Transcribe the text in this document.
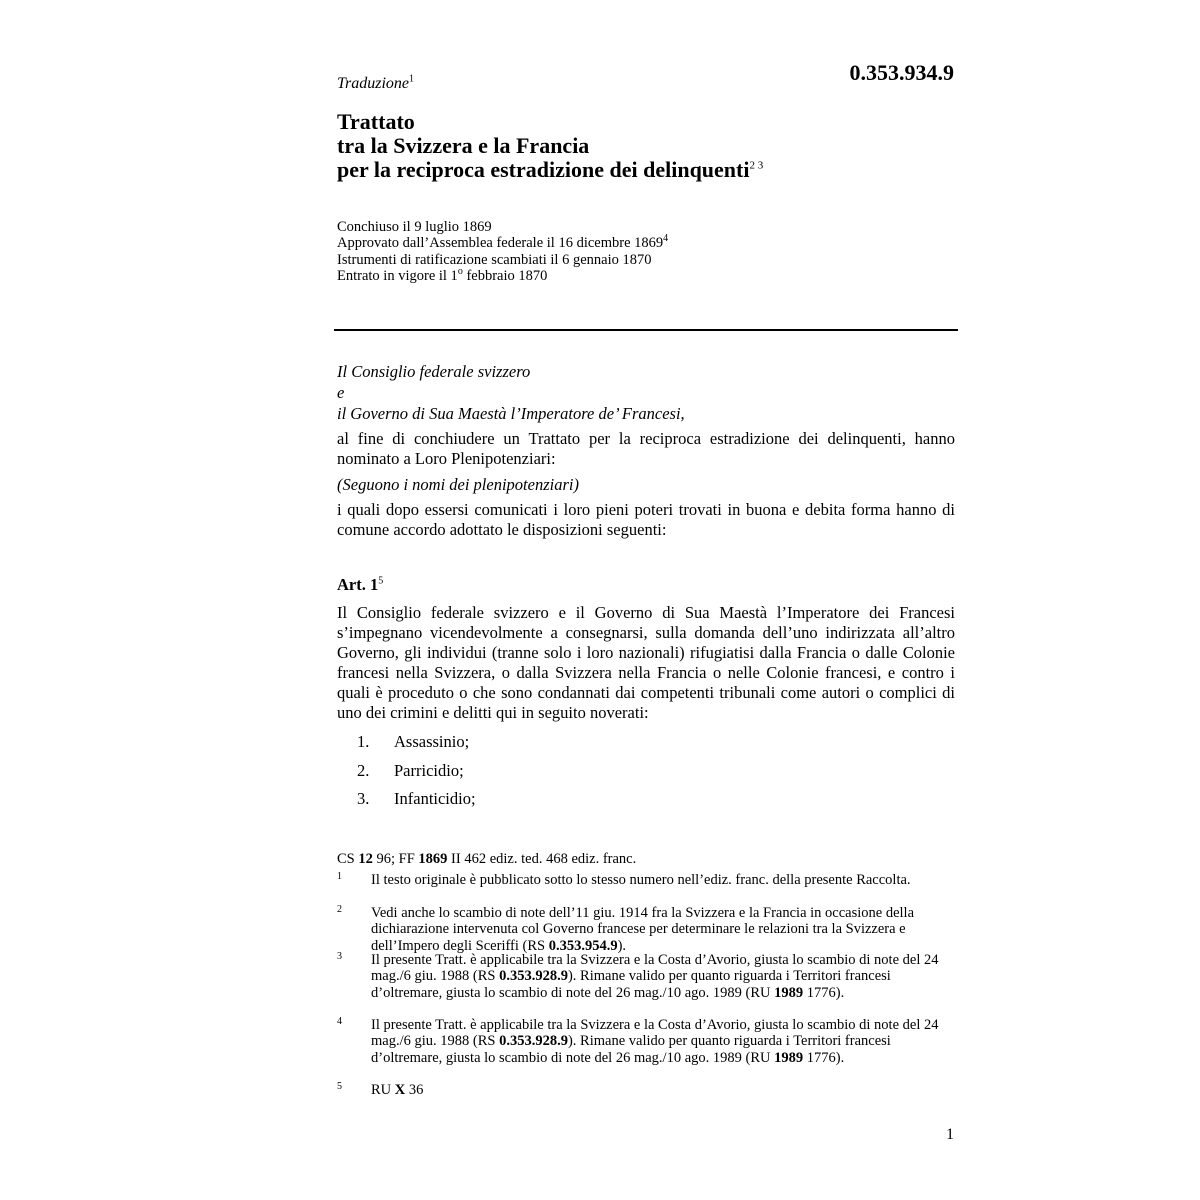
0.353.934.9
Traduzione$^1$
Trattato
tra la Svizzera e la Francia
per la reciproca estradizione dei delinquenti$^{2 3}$
Conchiuso il 9 luglio 1869
Approvato dall’Assemblea federale il 16 dicembre 1869$^4$
Istrumenti di ratificazione scambiati il 6 gennaio 1870
Entrato in vigore il 1$^o$ febbraio 1870
Il Consiglio federale svizzero
e
il Governo di Sua Maestà l’Imperatore de’ Francesi,

al fine di conchiudere un Trattato per la reciproca estradizione dei delinquenti, hanno nominato a Loro Plenipotenziari:

(Seguono i nomi dei plenipotenziari)

i quali dopo essersi comunicati i loro pieni poteri trovati in buona e debita forma hanno di comune accordo adottato le disposizioni seguenti:

Art. $1^5$
Il Consiglio federale svizzero e il Governo di Sua Maestà l’Imperatore dei Francesi s’impegnano vicendevolmente a consegnarsi, sulla domanda dell’uno indirizzata all’altro Governo, gli individui (tranne solo i loro nazionali) rifugiatisi dalla Francia o dalle Colonie francesi nella Svizzera, o dalla Svizzera nella Francia o nelle Colonie francesi, e contro i quali è proceduto o che sono condannati dai competenti tribunali come autori o complici di uno dei crimini e delitti qui in seguito noverati:
1. Assassinio;
2. Parricidio;
3. Infanticidio;
CS 12 96; FF 1869 II 462 ediz. ted. 468 ediz. franc.
1 Il testo originale è pubblicato sotto lo stesso numero nell’ediz. franc. della presente Raccolta.
2 Vedi anche lo scambio di note dell’11 giu. 1914 fra la Svizzera e la Francia in occasione della dichiarazione intervenuta col Governo francese per determinare le relazioni tra la Svizzera e dell’Impero degli Sceriffi (RS 0.353.954.9).
3 Il presente Tratt. è applicabile tra la Svizzera e la Costa d’Avorio, giusta lo scambio di note del 24 mag./6 giu. 1988 (RS 0.353.928.9). Rimane valido per quanto riguarda i Territori francesi d’oltremare, giusta lo scambio di note del 26 mag./10 ago. 1989 (RU 1989 1776).
4 Il presente Tratt. è applicabile tra la Svizzera e la Costa d’Avorio, giusta lo scambio di note del 24 mag./6 giu. 1988 (RS 0.353.928.9). Rimane valido per quanto riguarda i Territori francesi d’oltremare, giusta lo scambio di note del 26 mag./10 ago. 1989 (RU 1989 1776).
5 RU X 36
1
